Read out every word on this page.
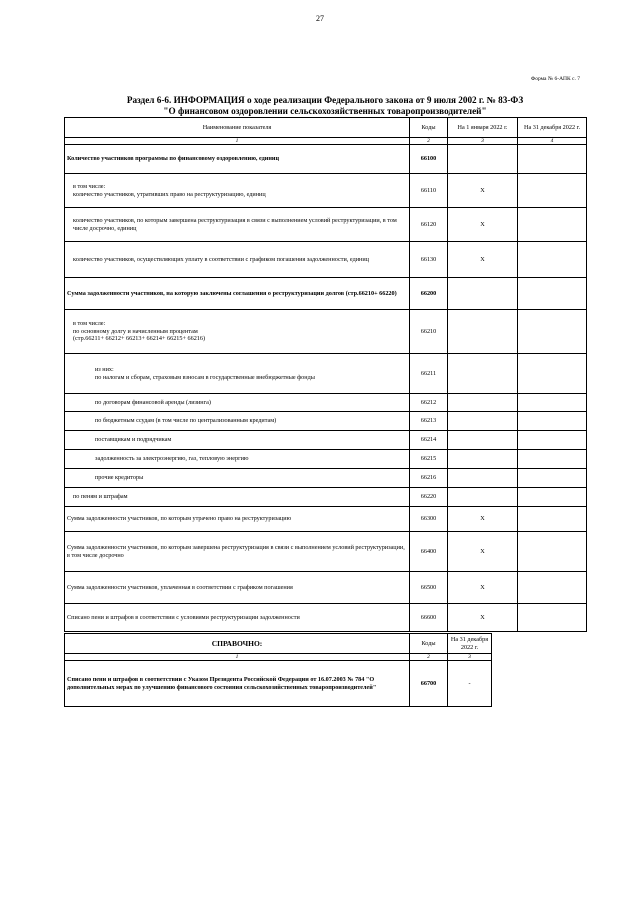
27
Форма № 6-АПК с. 7
Раздел 6-6. ИНФОРМАЦИЯ о ходе реализации Федерального закона от 9 июля 2002 г. № 83-ФЗ
"О финансовом оздоровлении сельскохозяйственных товаропроизводителей"
Наименование показателя	Коды	На 1 января 2022 г.	На 31 декабря 2022 г.
1	2	3	4
Количество участников программы по финансовому оздоровлению, единиц	66100		
в том числе:
количество участников, утративших право на реструктуризацию, единиц	66110	X	
количество участников, по которым завершена реструктуризация в связи с выполнением условий реструктуризации, в том числе досрочно, единиц	66120	X	
количество участников, осуществляющих уплату в соответствии с графиком погашения задолженности, единиц	66130	X	
Сумма задолженности участников, на которую заключены соглашения о реструктуризации долгов (стр.66210+ 66220)	66200		
в том числе:
по основному долгу и начисленным процентам
(стр.66211+ 66212+ 66213+ 66214+ 66215+ 66216)	66210		
из них:
по налогам и сборам, страховым взносам в государственные внебюджетные фонды	66211		
по договорам финансовой аренды (лизинга)	66212		
по бюджетным ссудам (в том числе по централизованным кредитам)	66213		
поставщикам и подрядчикам	66214		
задолженность за электроэнергию, газ, тепловую энергию	66215		
прочие кредиторы	66216		
по пеням и штрафам	66220		
Сумма задолженности участников, по которым утрачено право на реструктуризацию	66300	X	
Сумма задолженности участников, по которым завершена реструктуризация в связи с выполнением условий реструктуризации, в том числе досрочно	66400	X	
Сумма задолженности участников, уплаченная в соответствии с графиком погашения	66500	X	
Списано пени и штрафов в соответствии с условиями реструктуризации задолженности	66600	X	
СПРАВОЧНО:	Коды	На 31 декабря 2022 г.
1	2	3
Списано пени и штрафов в соответствии с Указом Президента Российской Федерации от 16.07.2003 № 784 "О дополнительных мерах по улучшению финансового состояния сельскохозяйственных товаропроизводителей"	66700	-
